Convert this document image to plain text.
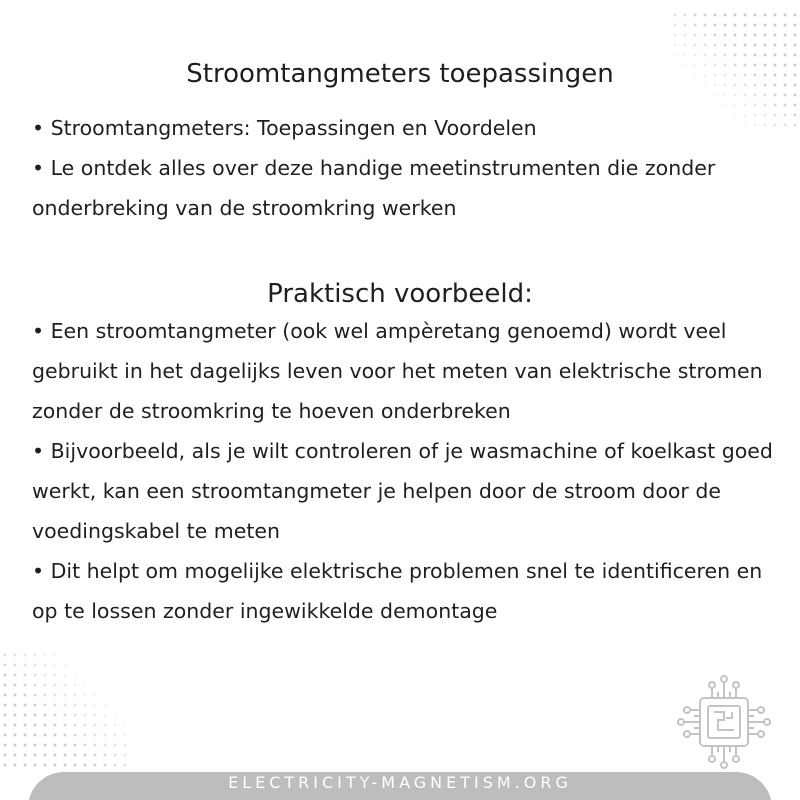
Stroomtangmeters toepassingen

• Stroomtangmeters: Toepassingen en Voordelen

• Le ontdek alles over deze handige meetinstrumenten die zonder onderbreking van de stroomkring werken

Praktisch voorbeeld:

• Een stroomtangmeter (ook wel ampèretang genoemd) wordt veel gebruikt in het dagelijks leven voor het meten van elektrische stromen zonder de stroomkring te hoeven onderbreken

• Bijvoorbeeld, als je wilt controleren of je wasmachine of koelkast goed werkt, kan een stroomtangmeter je helpen door de stroom door de voedingskabel te meten

• Dit helpt om mogelijke elektrische problemen snel te identificeren en op te lossen zonder ingewikkelde demontage

ELECTRICITY-MAGNETISM.ORG
